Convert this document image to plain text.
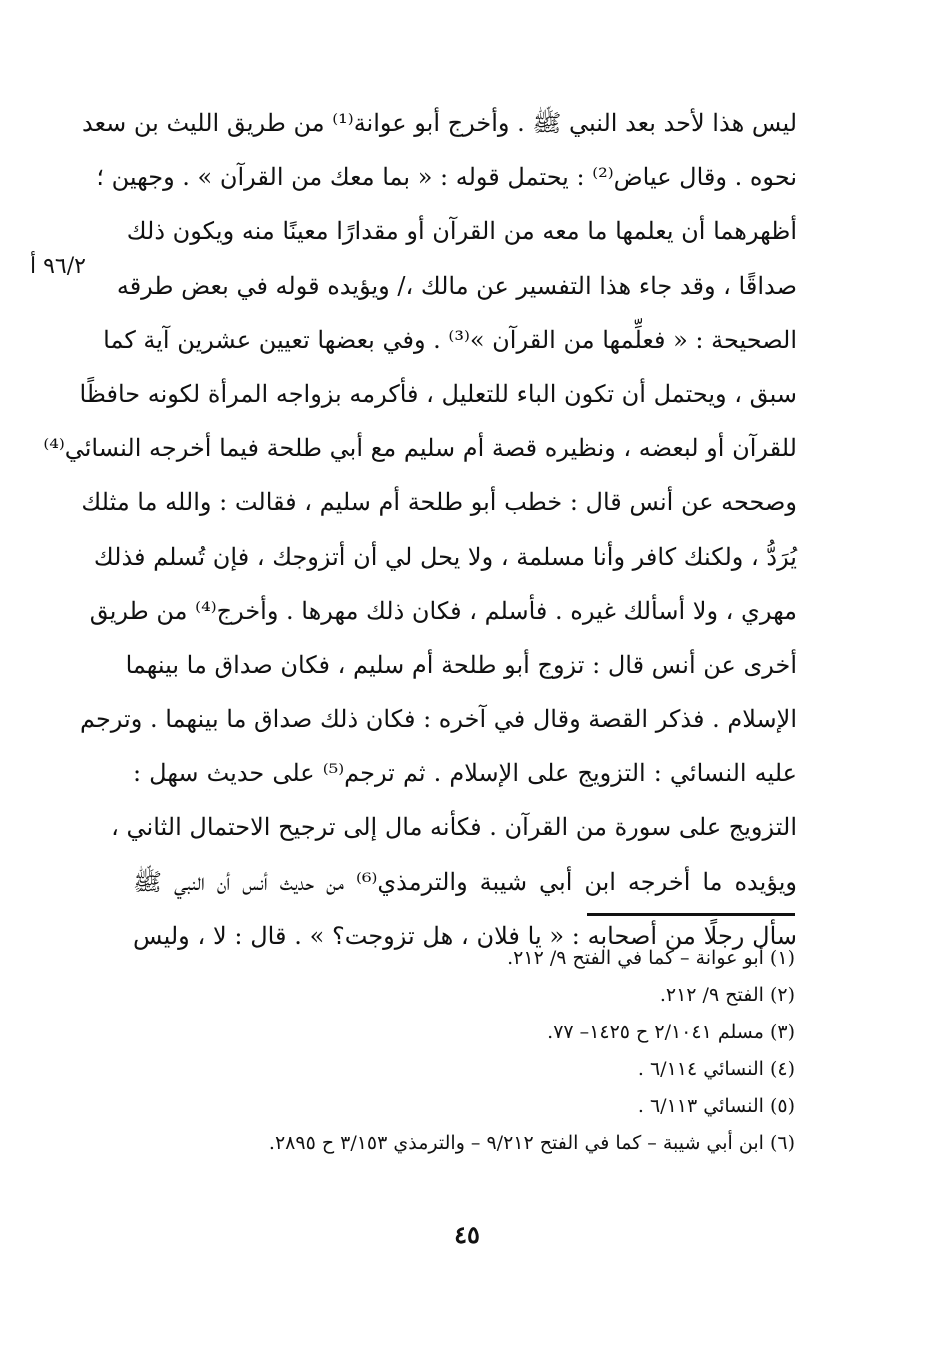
٩٦/٢ أ
ليس هذا لأحد بعد النبي ﷺ . وأخرج أبو عوانة⁽¹⁾ من طريق الليث بن سعد
نحوه . وقال عياض⁽²⁾ : يحتمل قوله : « بما معك من القرآن » . وجهين ؛
أظهرهما أن يعلمها ما معه من القرآن أو مقدارًا معينًا منه ويكون ذلك
صداقًا ، وقد جاء هذا التفسير عن مالك ،/ ويؤيده قوله في بعض طرقه
الصحيحة : « فعلِّمها من القرآن »⁽³⁾ . وفي بعضها تعيين عشرين آية كما
سبق ، ويحتمل أن تكون الباء للتعليل ، فأكرمه بزواجه المرأة لكونه حافظًا
للقرآن أو لبعضه ، ونظيره قصة أم سليم مع أبي طلحة فيما أخرجه النسائي⁽⁴⁾
وصححه عن أنس قال : خطب أبو طلحة أم سليم ، فقالت : والله ما مثلك
يُرَدُّ ، ولكنك كافر وأنا مسلمة ، ولا يحل لي أن أتزوجك ، فإن تُسلم فذلك
مهري ، ولا أسألك غيره . فأسلم ، فكان ذلك مهرها . وأخرج⁽⁴⁾ من طريق
أخرى عن أنس قال : تزوج أبو طلحة أم سليم ، فكان صداق ما بينهما
الإسلام . فذكر القصة وقال في آخره : فكان ذلك صداق ما بينهما . وترجم
عليه النسائي : التزويج على الإسلام . ثم ترجم⁽⁵⁾ على حديث سهل :
التزويج على سورة من القرآن . فكأنه مال إلى ترجيح الاحتمال الثاني ،
ويؤيده ما أخرجه ابن أبي شيبة والترمذي⁽⁶⁾ من حديث أنس أن النبي ﷺ
سأل رجلًا من أصحابه : « يا فلان ، هل تزوجت؟ » . قال : لا ، وليس
(١) أبو عوانة – كما في الفتح ٩/ ٢١٢.
(٢) الفتح ٩/ ٢١٢.
(٣) مسلم ٢/١٠٤١ ح ١٤٢٥– ٧٧.
(٤) النسائي ٦/١١٤ .
(٥) النسائي ٦/١١٣ .
(٦) ابن أبي شيبة – كما في الفتح ٩/٢١٢ – والترمذي ٣/١٥٣ ح ٢٨٩٥.
٤٥
